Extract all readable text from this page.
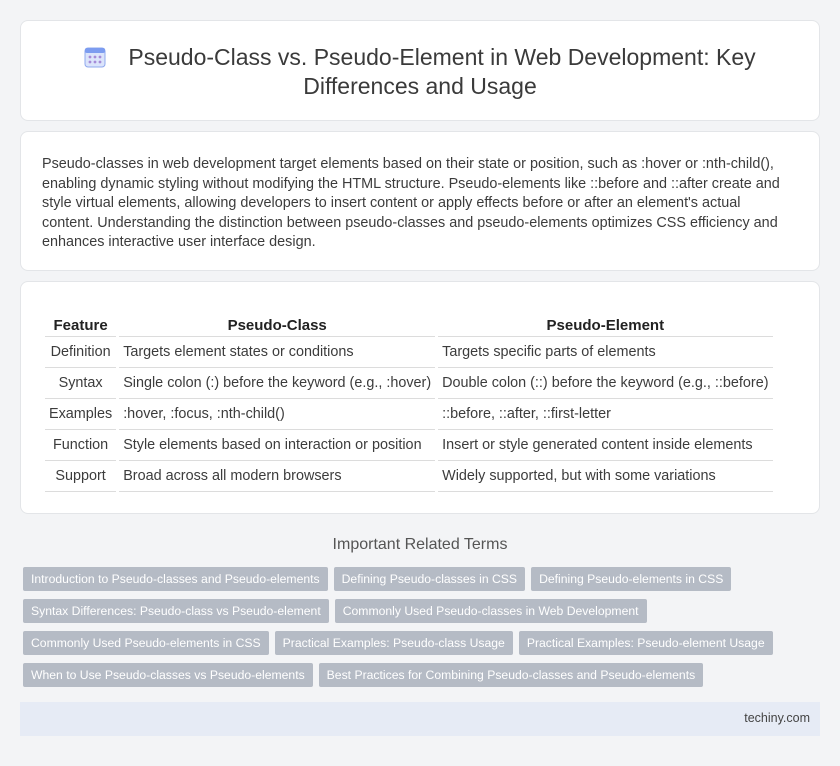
Pseudo-Class vs. Pseudo-Element in Web Development: Key Differences and Usage

Pseudo-classes in web development target elements based on their state or position, such as :hover or :nth-child(), enabling dynamic styling without modifying the HTML structure. Pseudo-elements like ::before and ::after create and style virtual elements, allowing developers to insert content or apply effects before or after an element's actual content. Understanding the distinction between pseudo-classes and pseudo-elements optimizes CSS efficiency and enhances interactive user interface design.

Feature	Pseudo-Class	Pseudo-Element
Definition	Targets element states or conditions	Targets specific parts of elements
Syntax	Single colon (:) before the keyword (e.g., :hover)	Double colon (::) before the keyword (e.g., ::before)
Examples	:hover, :focus, :nth-child()	::before, ::after, ::first-letter
Function	Style elements based on interaction or position	Insert or style generated content inside elements
Support	Broad across all modern browsers	Widely supported, but with some variations
Important Related Terms
Introduction to Pseudo-classes and Pseudo-elements Defining Pseudo-classes in CSS Defining Pseudo-elements in CSS
Syntax Differences: Pseudo-class vs Pseudo-element Commonly Used Pseudo-classes in Web Development
Commonly Used Pseudo-elements in CSS Practical Examples: Pseudo-class Usage Practical Examples: Pseudo-element Usage
When to Use Pseudo-classes vs Pseudo-elements Best Practices for Combining Pseudo-classes and Pseudo-elements
techiny.com
